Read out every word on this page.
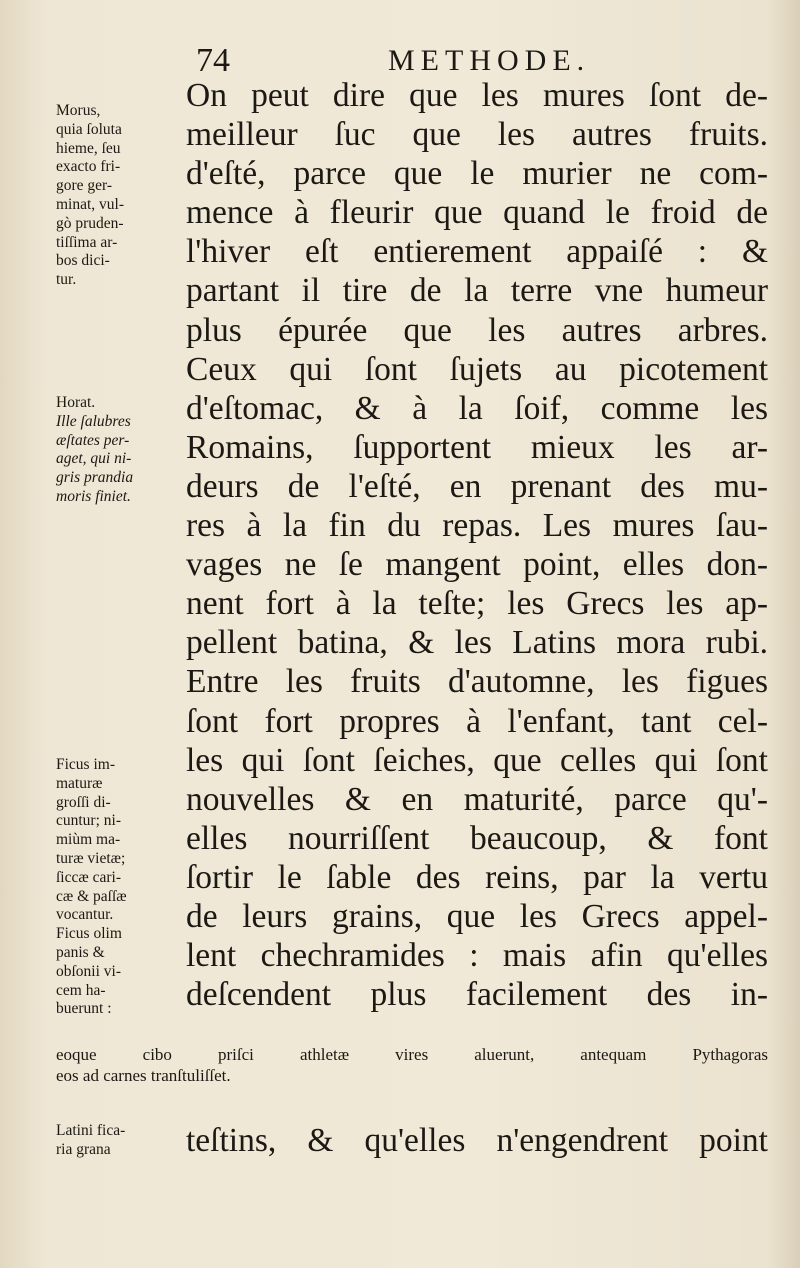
74	METHODE.
On peut dire que les mures ſont de-
meilleur ſuc que les autres fruits.
d'eſté, parce que le murier ne com-
mence à fleurir que quand le froid de
l'hiver eſt entierement appaiſé : &
partant il tire de la terre vne humeur
plus épurée que les autres arbres.
Ceux qui ſont ſujets au picotement
d'eſtomac, & à la ſoif, comme les
Romains, ſupportent mieux les ar-
deurs de l'eſté, en prenant des mu-
res à la fin du repas. Les mures ſau-
vages ne ſe mangent point, elles don-
nent fort à la teſte; les Grecs les ap-
pellent batina, & les Latins mora rubi.
Entre les fruits d'automne, les figues
ſont fort propres à l'enfant, tant cel-
les qui ſont ſeiches, que celles qui ſont
nouvelles & en maturité, parce qu'-
elles nourriſſent beaucoup, & font
ſortir le ſable des reins, par la vertu
de leurs grains, que les Grecs appel-
lent chechramides : mais afin qu'elles
deſcendent plus facilement des in-
teſtins, & qu'elles n'engendrent point
Morus,
quia ſoluta
hieme, ſeu
exacto fri-
gore ger-
minat, vul-
gò pruden-
tiſſima ar-
bos dici-
tur.
Horat.
Ille ſalubres
æſtates per-
aget, qui ni-
gris prandia
moris finiet.
Ficus im-
maturæ
groſſi di-
cuntur; ni-
miùm ma-
turæ vietæ;
ſiccæ cari-
cæ & paſſæ
vocantur.
Ficus olim
panis &
obſonii vi-
cem ha-
buerunt :
eoque cibo priſci athletæ vires aluerunt, antequam Pythagoras
eos ad carnes tranſtuliſſet.
Latini fica-
ria grana
